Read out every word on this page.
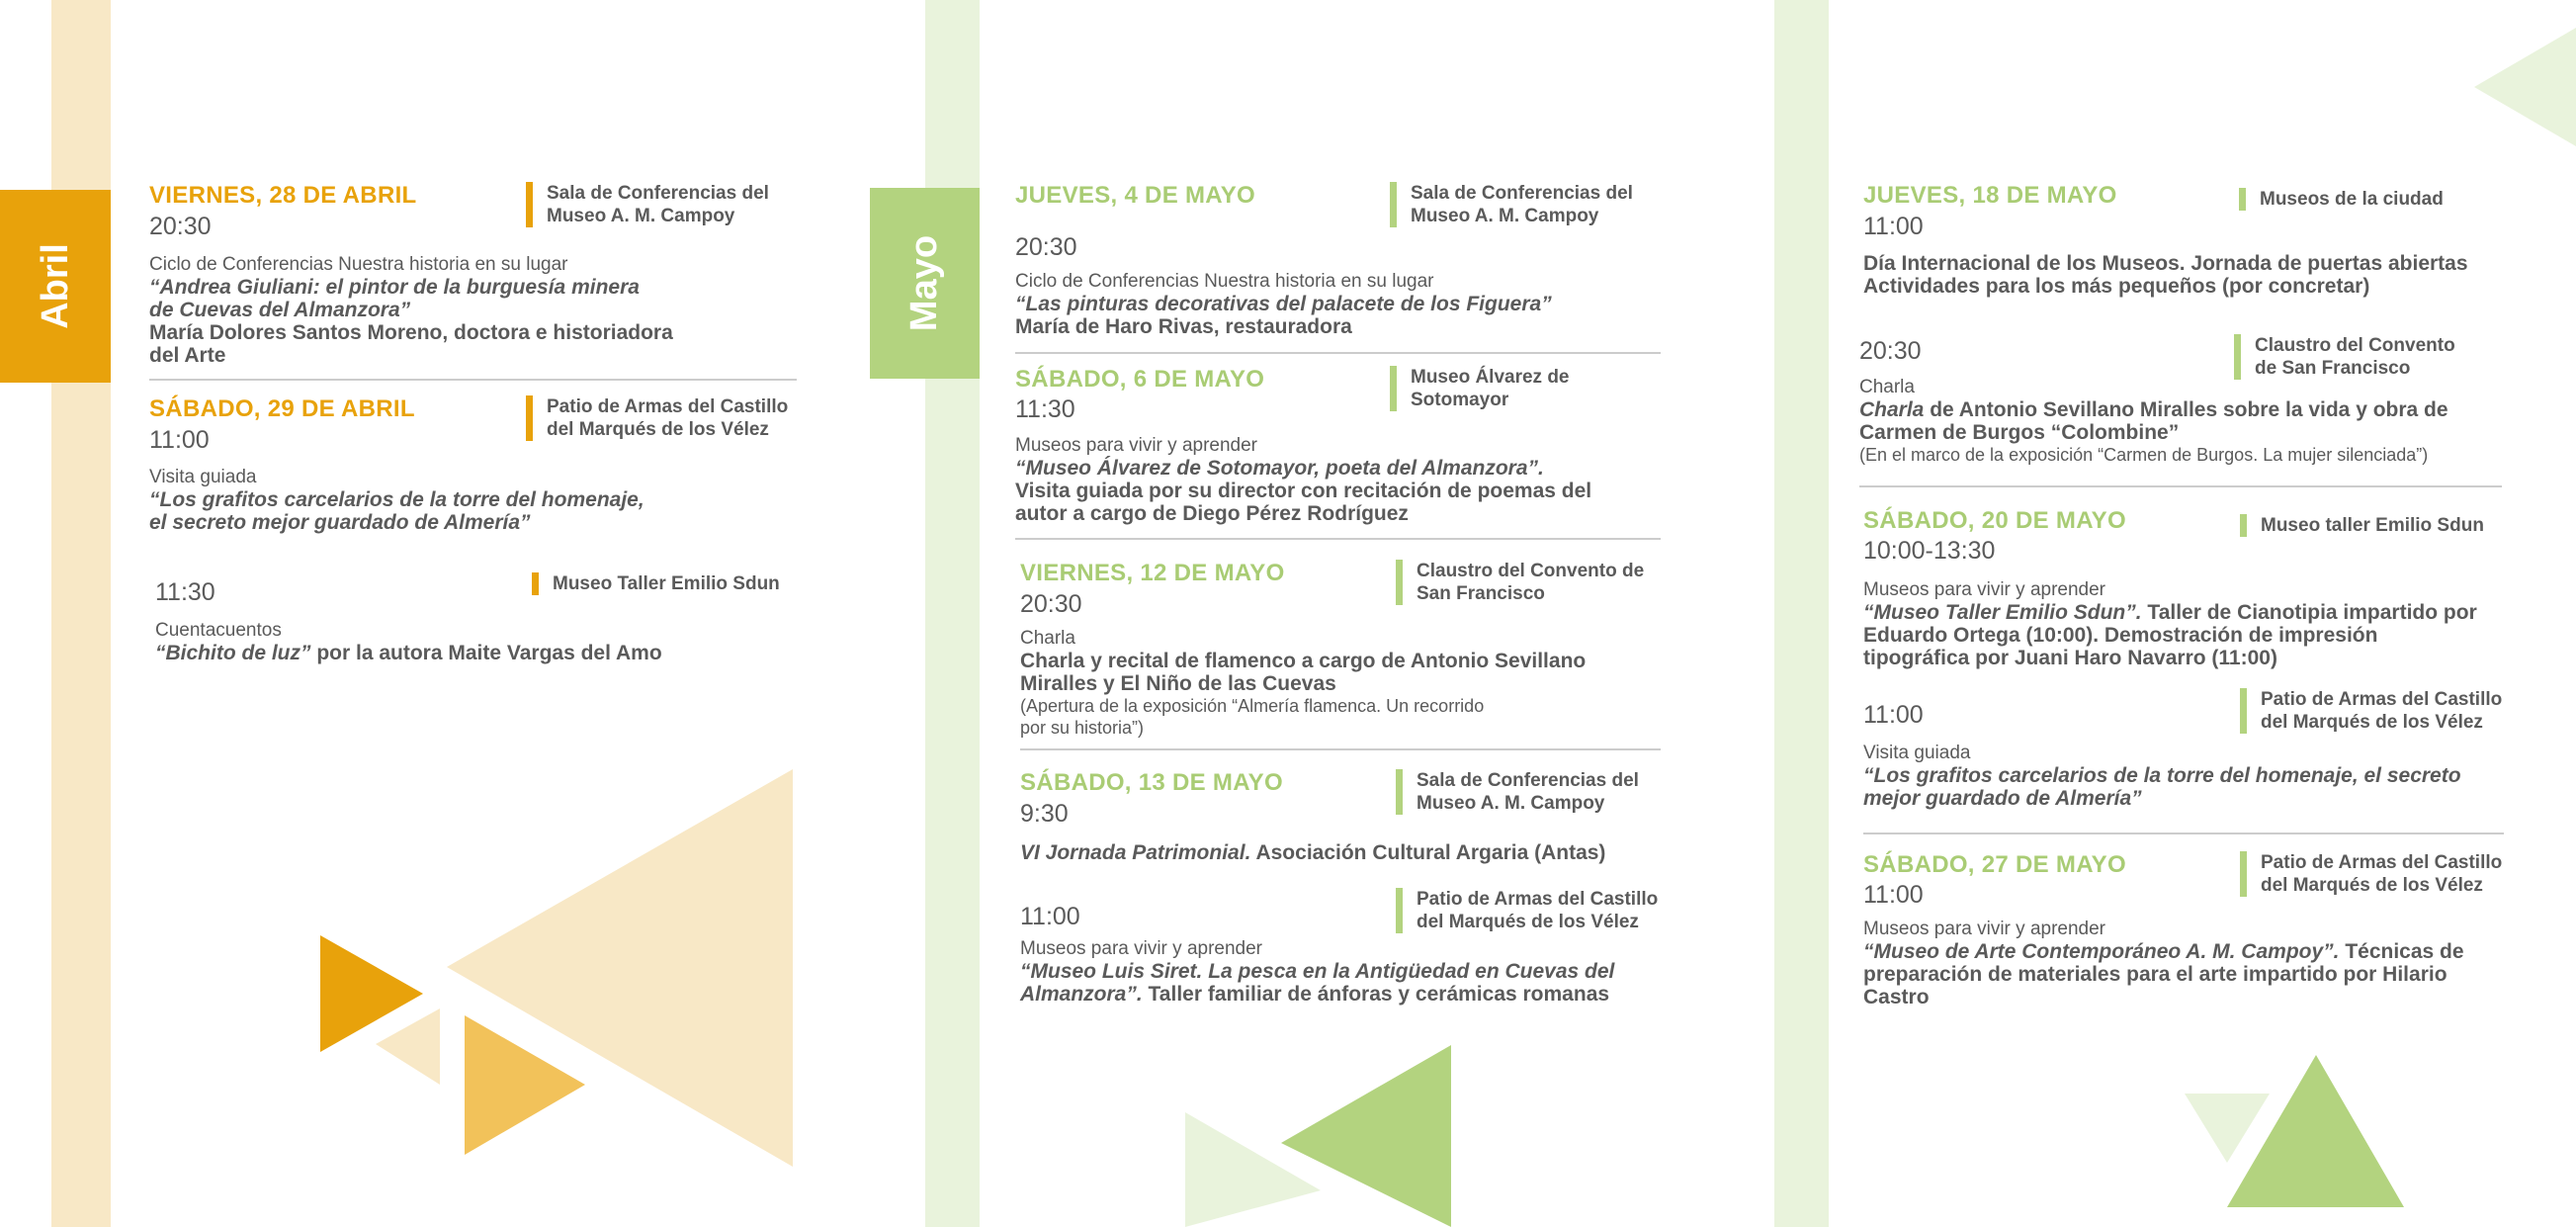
Abril	Mayo
VIERNES, 28 DE ABRIL
20:30
Sala de Conferencias del
Museo A. M. Campoy
Ciclo de Conferencias Nuestra historia en su lugar
“Andrea Giuliani: el pintor de la burguesía minera
de Cuevas del Almanzora”
María Dolores Santos Moreno, doctora e historiadora
del Arte
SÁBADO, 29 DE ABRIL
11:00
Patio de Armas del Castillo
del Marqués de los Vélez
Visita guiada
“Los grafitos carcelarios de la torre del homenaje,
el secreto mejor guardado de Almería”
11:30	Museo Taller Emilio Sdun
Cuentacuentos
“Bichito de luz” por la autora Maite Vargas del Amo
JUEVES, 4 DE MAYO	Sala de Conferencias del
Museo A. M. Campoy
20:30
Ciclo de Conferencias Nuestra historia en su lugar
“Las pinturas decorativas del palacete de los Figuera”
María de Haro Rivas, restauradora
SÁBADO, 6 DE MAYO
11:30
Museo Álvarez de
Sotomayor
Museos para vivir y aprender
“Museo Álvarez de Sotomayor, poeta del Almanzora”.
Visita guiada por su director con recitación de poemas del
autor a cargo de Diego Pérez Rodríguez
VIERNES, 12 DE MAYO
20:30
Claustro del Convento de
San Francisco
Charla
Charla y recital de flamenco a cargo de Antonio Sevillano
Miralles y El Niño de las Cuevas
(Apertura de la exposición “Almería flamenca. Un recorrido
por su historia”)
SÁBADO, 13 DE MAYO
9:30
Sala de Conferencias del
Museo A. M. Campoy
VI Jornada Patrimonial. Asociación Cultural Argaria (Antas)
11:00
Patio de Armas del Castillo
del Marqués de los Vélez
Museos para vivir y aprender
“Museo Luis Siret. La pesca en la Antigüedad en Cuevas del
Almanzora”. Taller familiar de ánforas y cerámicas romanas
JUEVES, 18 DE MAYO
11:00
Museos de la ciudad
Día Internacional de los Museos. Jornada de puertas abiertas
Actividades para los más pequeños (por concretar)
20:30	Claustro del Convento
de San Francisco
Charla
Charla de Antonio Sevillano Miralles sobre la vida y obra de
Carmen de Burgos “Colombine”
(En el marco de la exposición “Carmen de Burgos. La mujer silenciada”)
SÁBADO, 20 DE MAYO
10:00-13:30
Museo taller Emilio Sdun
Museos para vivir y aprender
“Museo Taller Emilio Sdun”. Taller de Cianotipia impartido por
Eduardo Ortega (10:00). Demostración de impresión
tipográfica por Juani Haro Navarro (11:00)
11:00
Patio de Armas del Castillo
del Marqués de los Vélez
Visita guiada
“Los grafitos carcelarios de la torre del homenaje, el secreto
mejor guardado de Almería”
SÁBADO, 27 DE MAYO
11:00
Patio de Armas del Castillo
del Marqués de los Vélez
Museos para vivir y aprender
“Museo de Arte Contemporáneo A. M. Campoy”. Técnicas de
preparación de materiales para el arte impartido por Hilario
Castro
